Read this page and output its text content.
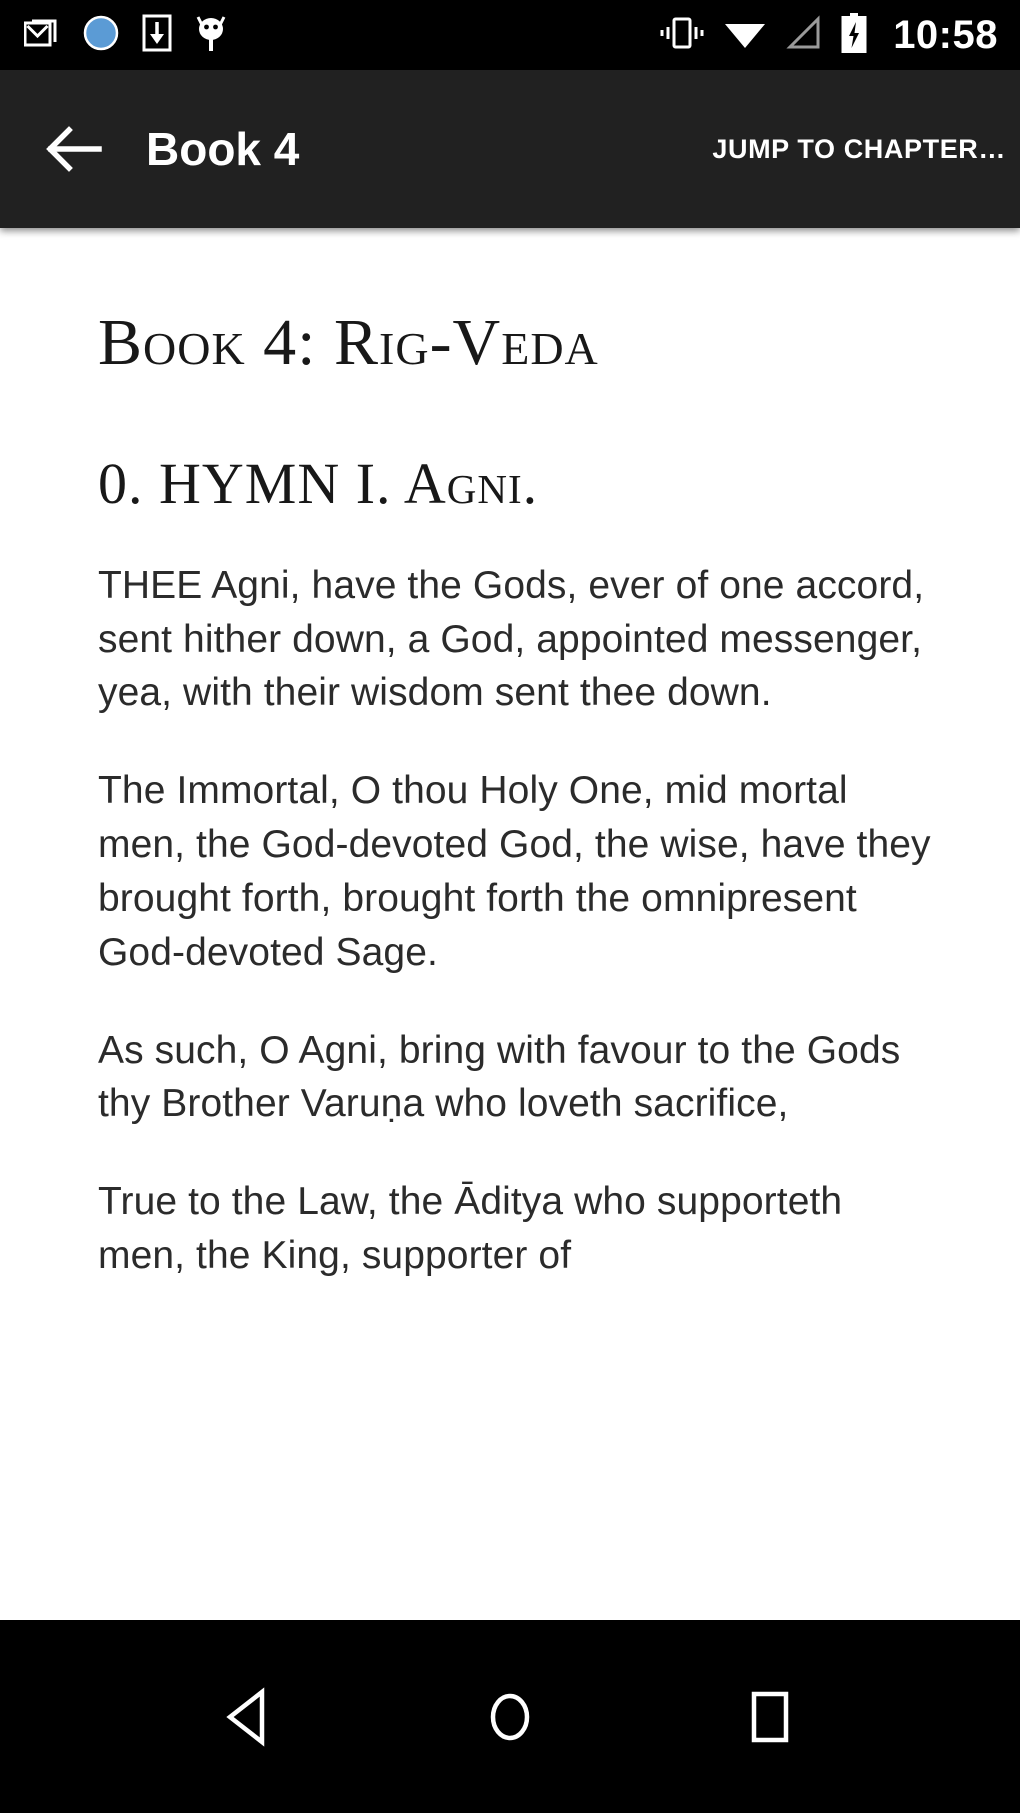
10:58
Book 4	JUMP TO CHAPTER…
Book 4: Rig-Veda
0. HYMN I. Agni.

THEE Agni, have the Gods, ever of one accord, sent hither down, a God, appointed messenger, yea, with their wisdom sent thee down.

The Immortal, O thou Holy One, mid mortal men, the God-devoted God, the wise, have they brought forth, brought forth the omnipresent God-devoted Sage.

As such, O Agni, bring with favour to the Gods thy Brother Varuṇa who loveth sacrifice,

True to the Law, the Āditya who supporteth men, the King, supporter of
